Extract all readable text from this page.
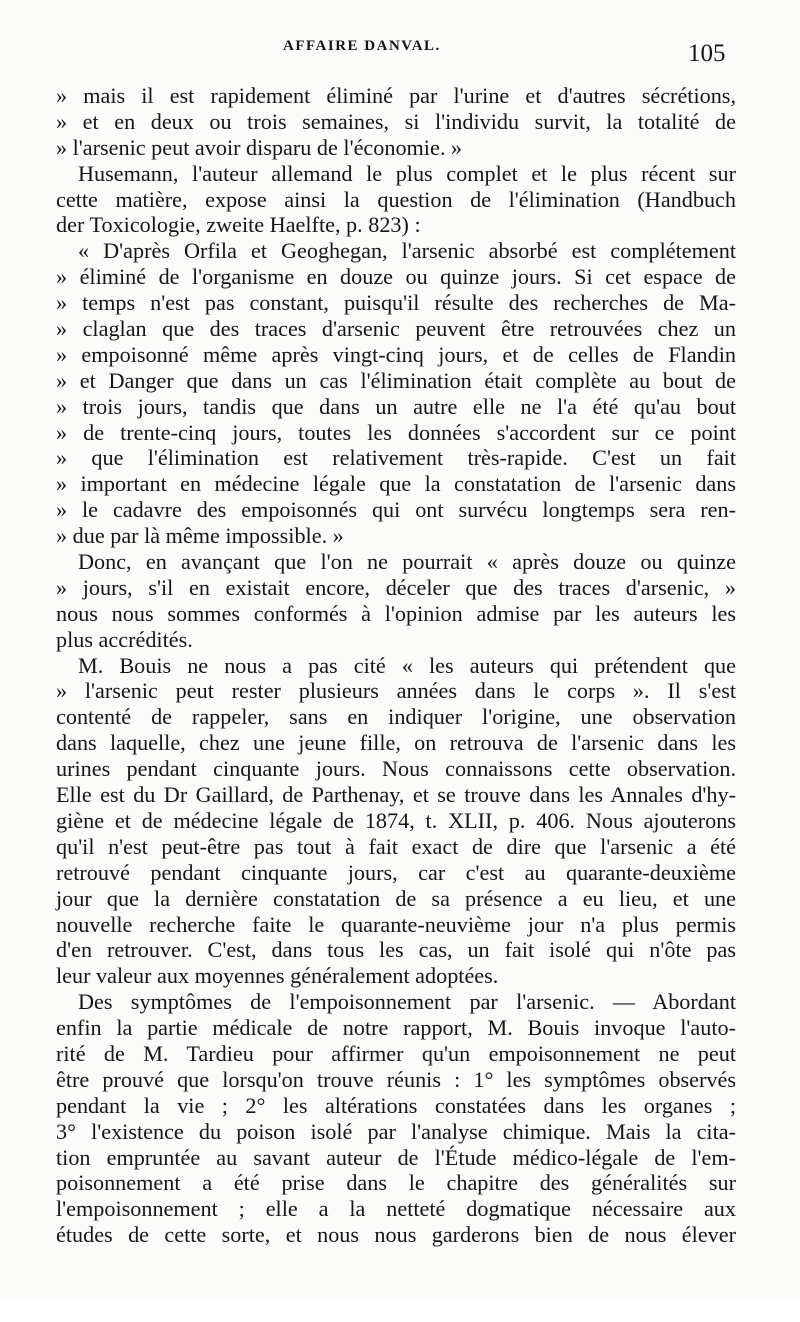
AFFAIRE DANVAL.	105
» mais il est rapidement éliminé par l'urine et d'autres sécrétions,
» et en deux ou trois semaines, si l'individu survit, la totalité de
» l'arsenic peut avoir disparu de l'économie. »
Husemann, l'auteur allemand le plus complet et le plus récent sur
cette matière, expose ainsi la question de l'élimination (Handbuch
der Toxicologie, zweite Haelfte, p. 823) :
« D'après Orfila et Geoghegan, l'arsenic absorbé est complétement
» éliminé de l'organisme en douze ou quinze jours. Si cet espace de
» temps n'est pas constant, puisqu'il résulte des recherches de Ma-
» claglan que des traces d'arsenic peuvent être retrouvées chez un
» empoisonné même après vingt-cinq jours, et de celles de Flandin
» et Danger que dans un cas l'élimination était complète au bout de
» trois jours, tandis que dans un autre elle ne l'a été qu'au bout
» de trente-cinq jours, toutes les données s'accordent sur ce point
» que l'élimination est relativement très-rapide. C'est un fait
» important en médecine légale que la constatation de l'arsenic dans
» le cadavre des empoisonnés qui ont survécu longtemps sera ren-
» due par là même impossible. »
Donc, en avançant que l'on ne pourrait « après douze ou quinze
» jours, s'il en existait encore, déceler que des traces d'arsenic, »
nous nous sommes conformés à l'opinion admise par les auteurs les
plus accrédités.
M. Bouis ne nous a pas cité « les auteurs qui prétendent que
» l'arsenic peut rester plusieurs années dans le corps ». Il s'est
contenté de rappeler, sans en indiquer l'origine, une observation
dans laquelle, chez une jeune fille, on retrouva de l'arsenic dans les
urines pendant cinquante jours. Nous connaissons cette observation.
Elle est du Dr Gaillard, de Parthenay, et se trouve dans les Annales d'hy-
giène et de médecine légale de 1874, t. XLII, p. 406. Nous ajouterons
qu'il n'est peut-être pas tout à fait exact de dire que l'arsenic a été
retrouvé pendant cinquante jours, car c'est au quarante-deuxième
jour que la dernière constatation de sa présence a eu lieu, et une
nouvelle recherche faite le quarante-neuvième jour n'a plus permis
d'en retrouver. C'est, dans tous les cas, un fait isolé qui n'ôte pas
leur valeur aux moyennes généralement adoptées.
Des symptômes de l'empoisonnement par l'arsenic. — Abordant
enfin la partie médicale de notre rapport, M. Bouis invoque l'auto-
rité de M. Tardieu pour affirmer qu'un empoisonnement ne peut
être prouvé que lorsqu'on trouve réunis : 1° les symptômes observés
pendant la vie ; 2° les altérations constatées dans les organes ;
3° l'existence du poison isolé par l'analyse chimique. Mais la cita-
tion empruntée au savant auteur de l'Étude médico-légale de l'em-
poisonnement a été prise dans le chapitre des généralités sur
l'empoisonnement ; elle a la netteté dogmatique nécessaire aux
études de cette sorte, et nous nous garderons bien de nous élever
